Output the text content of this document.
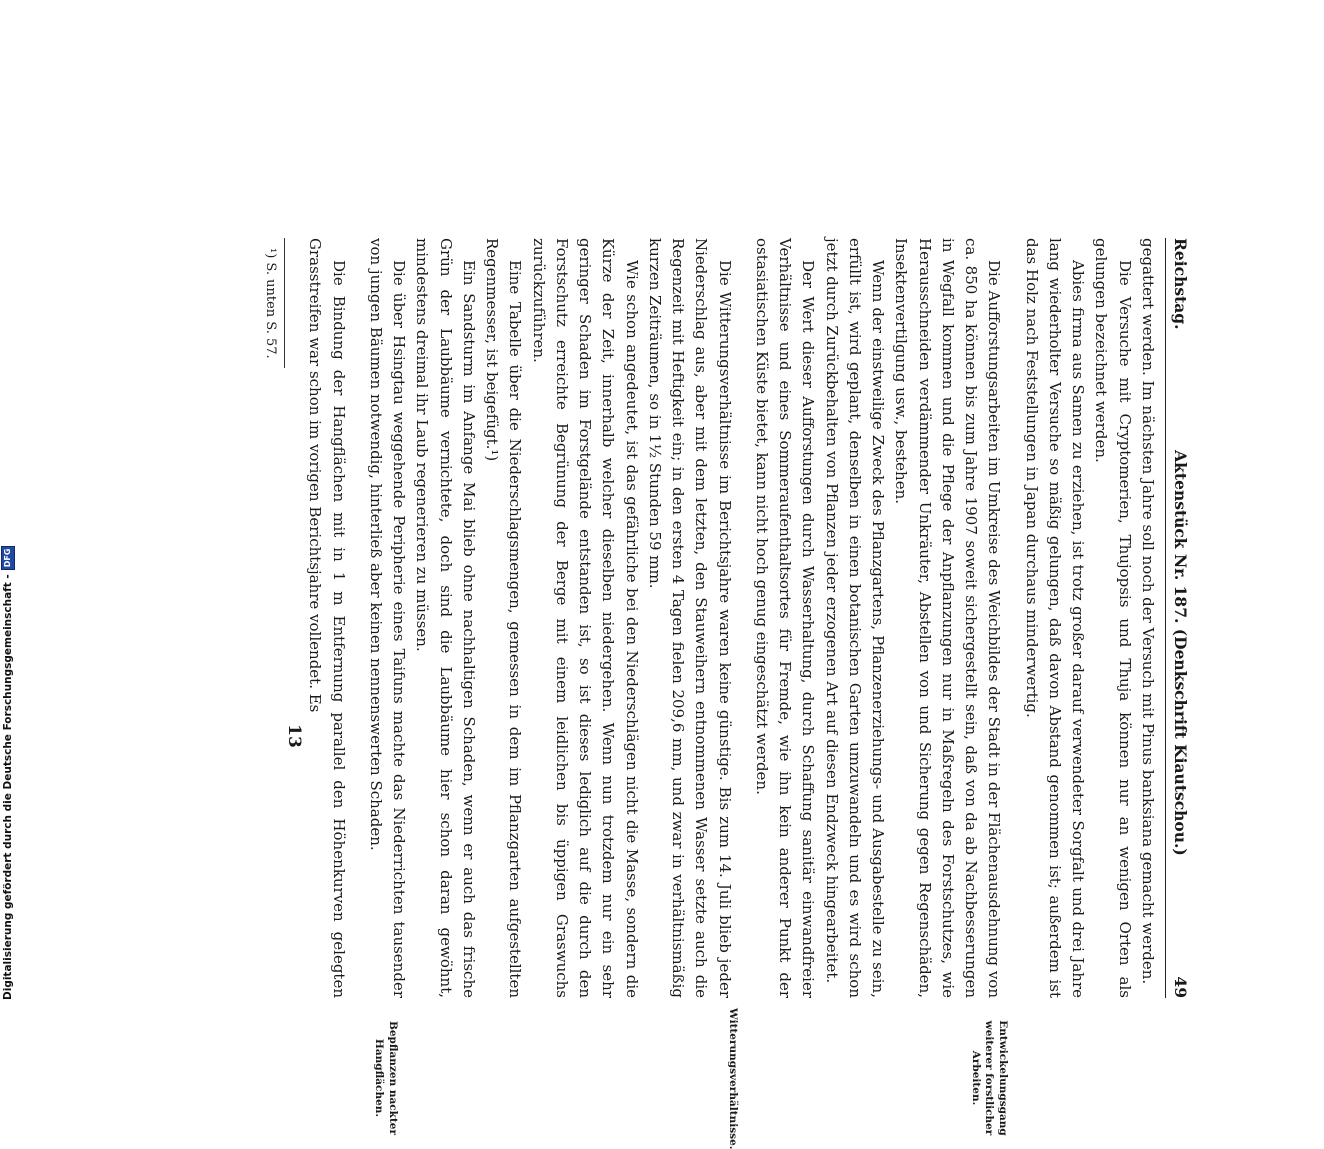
Reichstag.
Aktenstück Nr. 187. (Denkschrift Kiautschou.)
49

gegattert werden. Im nächsten Jahre soll noch der Versuch mit Pinus banksiana gemacht werden.

Die Versuche mit Cryptomerien, Thujopsis und Thuja können nur an wenigen Orten als gelungen bezeichnet werden.

Abies firma aus Samen zu erziehen, ist trotz großer darauf verwendeter Sorgfalt und drei Jahre lang wiederholter Versuche so mäßig gelungen, daß davon Abstand genommen ist; außerdem ist das Holz nach Feststellungen in Japan durchaus minderwertig.

Entwickelungsgang weiterer forstlicher Arbeiten.

Die Aufforstungsarbeiten im Umkreise des Weichbildes der Stadt in der Flächenausdehnung von ca. 850 ha können bis zum Jahre 1907 soweit sichergestellt sein, daß von da ab Nachbesserungen in Wegfall kommen und die Pflege der Anpflanzungen nur in Maßregeln des Forstschutzes, wie Herausschneiden verdämmender Unkräuter, Abstellen von und Sicherung gegen Regenschäden, Insektenvertilgung usw., bestehen.

Wenn der einstweilige Zweck des Pflanzgartens, Pflanzenerziehungs- und Ausgabestelle zu sein, erfüllt ist, wird geplant, denselben in einen botanischen Garten umzuwandeln und es wird schon jetzt durch Zurückbehalten von Pflanzen jeder erzogenen Art auf diesen Endzweck hingearbeitet.

Der Wert dieser Aufforstungen durch Wasserhaltung, durch Schaffung sanitär einwandfreier Verhältnisse und eines Sommeraufenthaltsortes für Fremde, wie ihn kein anderer Punkt der ostasiatischen Küste bietet, kann nicht hoch genug eingeschätzt werden.

Witterungsverhältnisse.

Die Witterungsverhältnisse im Berichtsjahre waren keine günstige. Bis zum 14. Juli blieb jeder Niederschlag aus, aber mit dem letzten, den Stauweihern entnommenen Wasser setzte auch die Regenzeit mit Heftigkeit ein; in den ersten 4 Tagen fielen 209,6 mm, und zwar in verhältnismäßig kurzen Zeiträumen, so in 1½ Stunden 59 mm.

Wie schon angedeutet, ist das gefährliche bei den Niederschlägen nicht die Masse, sondern die Kürze der Zeit, innerhalb welcher dieselben niedergehen. Wenn nun trotzdem nur ein sehr geringer Schaden im Forstgelände entstanden ist, so ist dieses lediglich auf die durch den Forstschutz erreichte Begrünung der Berge mit einem leidlichen bis üppigen Graswuchs zurückzuführen.

Eine Tabelle über die Niederschlagsmengen, gemessen in dem im Pflanzgarten aufgestellten Regenmesser, ist beigefügt.¹)

Ein Sandsturm im Anfange Mai blieb ohne nachhaltigen Schaden, wenn er auch das frische Grün der Laubbäume vernichtete, doch sind die Laubbäume hier schon daran gewöhnt, mindestens dreimal ihr Laub regenerieren zu müssen.

Die über Hsingtau weggehende Peripherie eines Taifuns machte das Niederrichten tausender von jungen Bäumen notwendig, hinterließ aber keinen nennenswerten Schaden.

Bepflanzen nackter Hangflächen.

Die Bindung der Hangflächen mit in 1 m Entfernung parallel den Höhenkurven gelegten Grasstreifen war schon im vorigen Berichtsjahre vollendet. Es

¹) S. unten S. 57.
13
Digitalisierung gefördert durch die Deutsche Forschungsgemeinschaft -
DFG
